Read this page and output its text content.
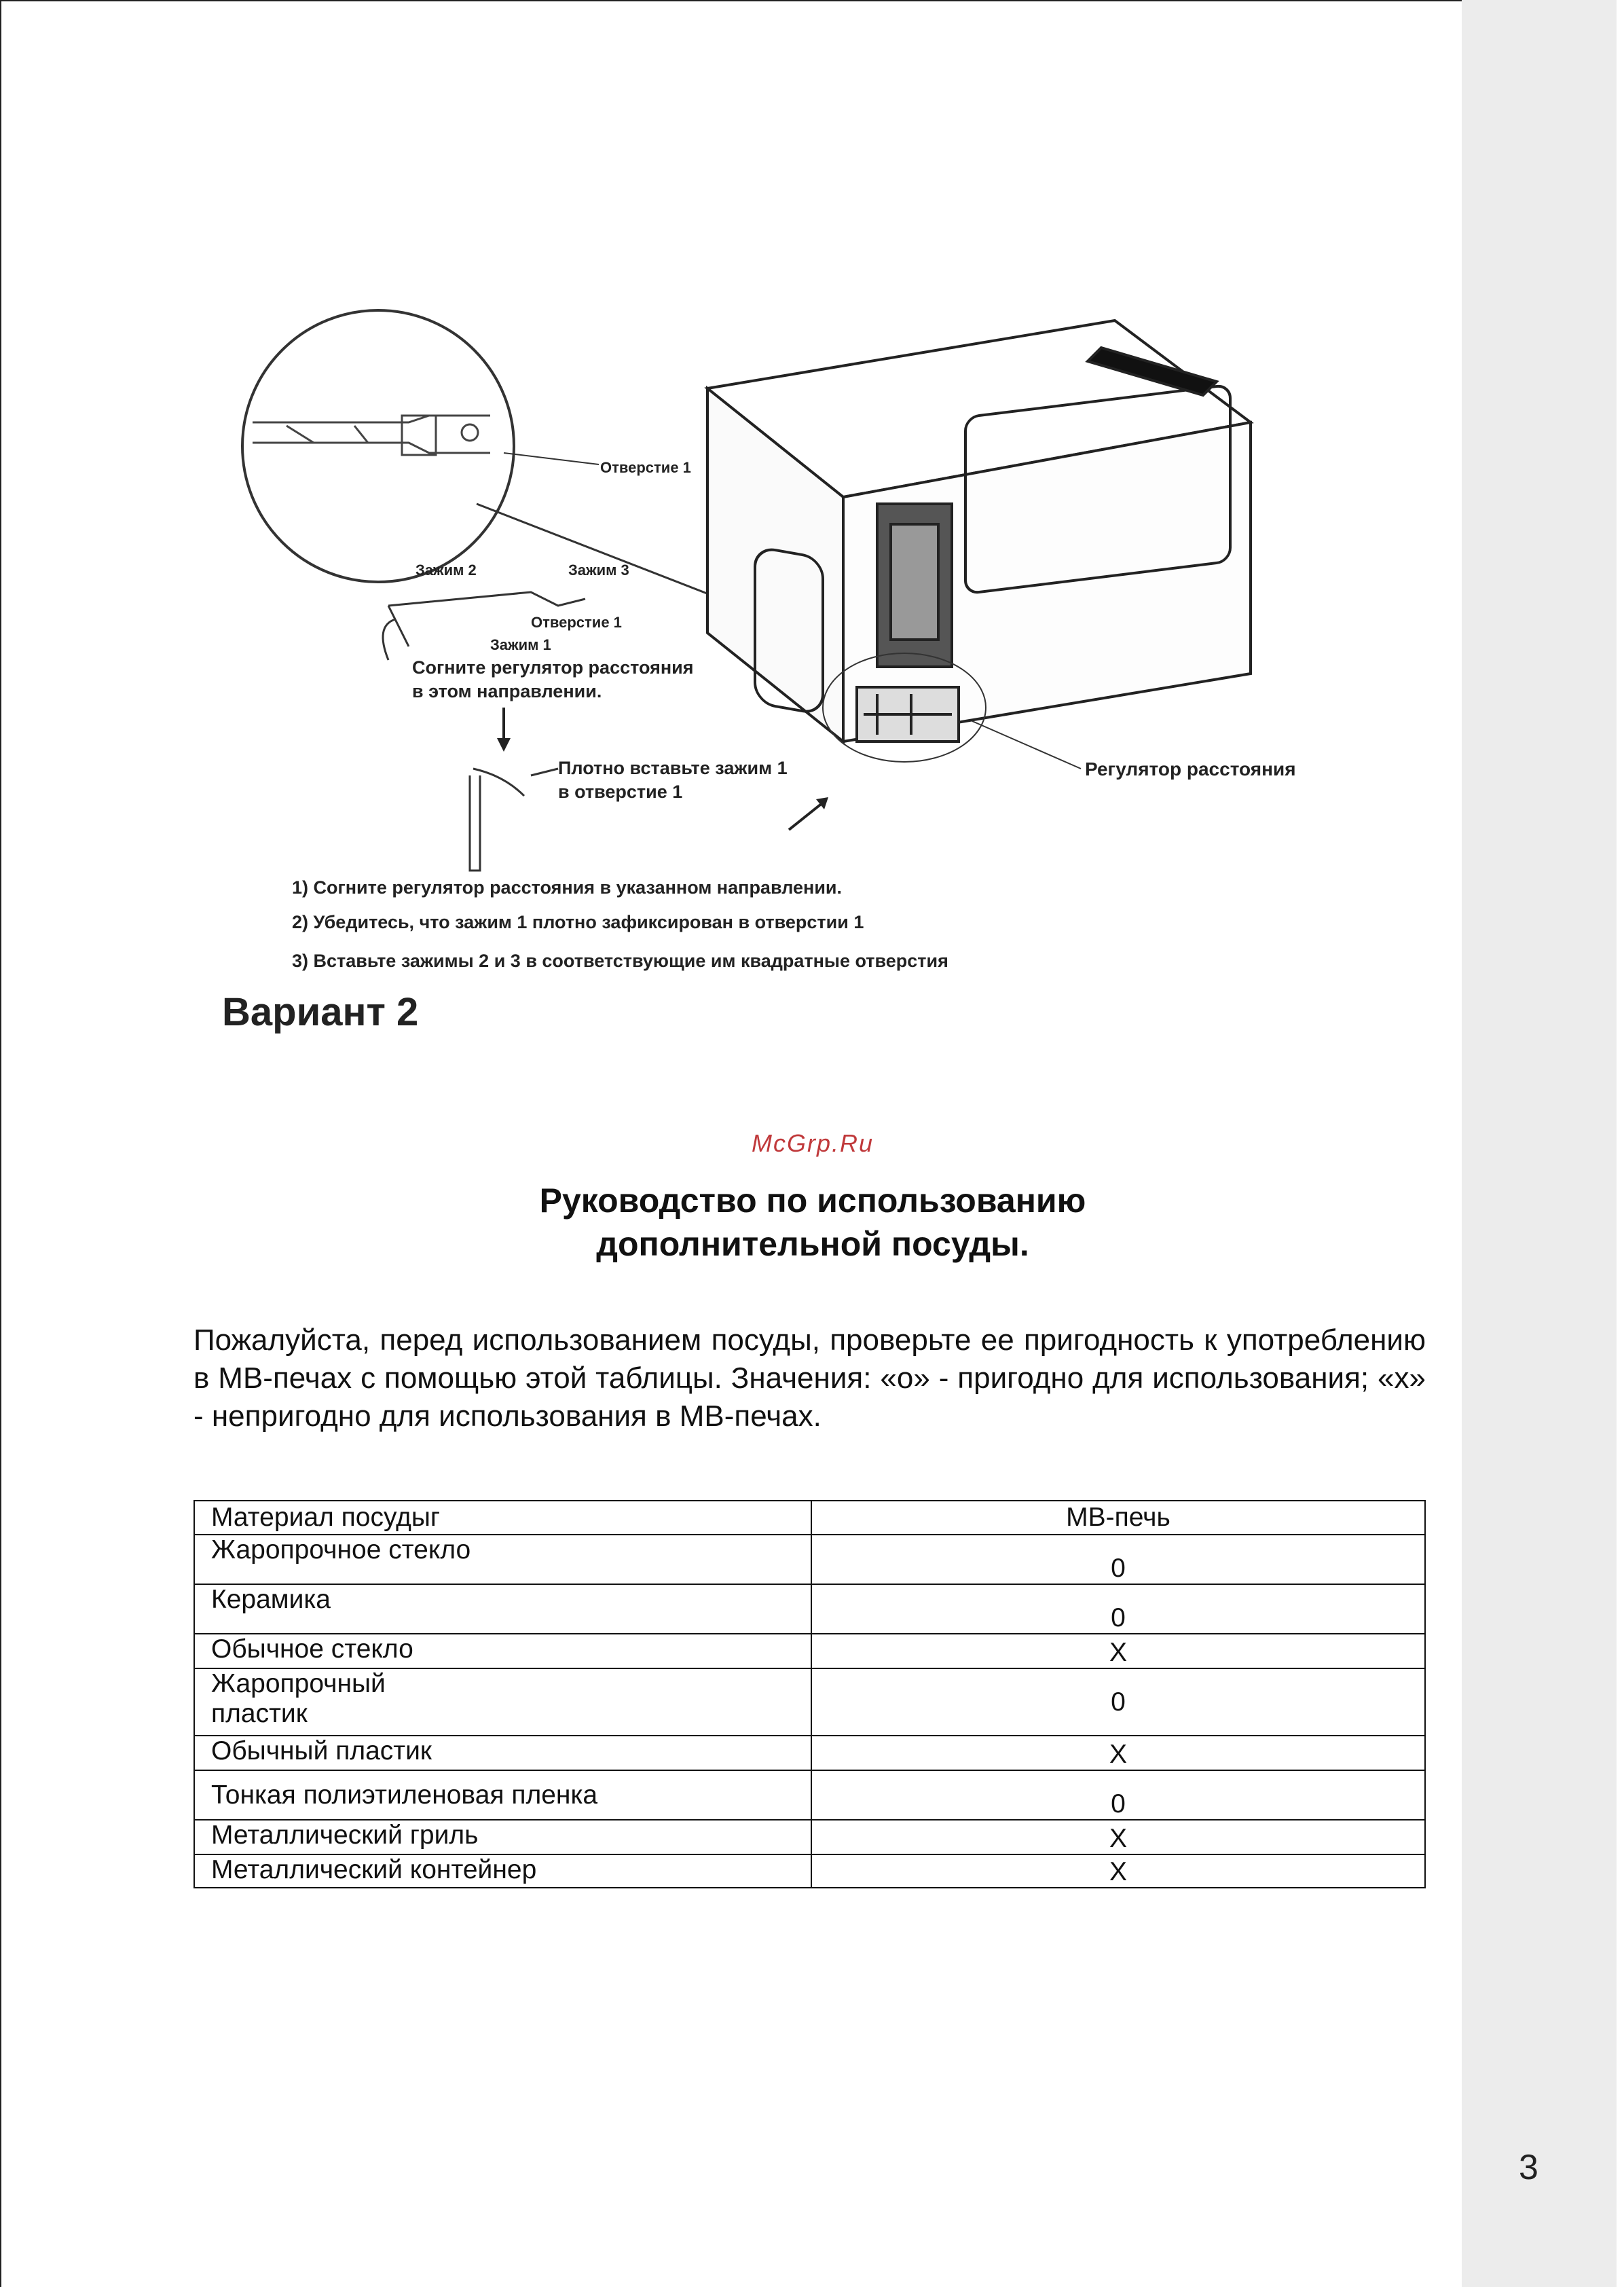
Отверстие 1
Регулятор расстояния
Зажим 2	Зажим 3
Отверстие 1
Зажим 1
Согните регулятор расстояния
в этом направлении.
Плотно вставьте зажим 1
в отверстие 1
1) Согните регулятор расстояния в указанном направлении.
2) Убедитесь, что зажим 1 плотно зафиксирован в отверстии 1
3) Вставьте зажимы 2 и 3 в соответствующие им квадратные отверстия
Вариант 2
McGrp.Ru
Руководство по использованию
дополнительной посуды.
Пожалуйста, перед использованием посуды, проверьте ее пригодность к употреблению в МВ-печах с помощью этой таблицы. Значения: «o» - пригодно для использования; «x» - непригодно для использования в МВ-печах.
Материал посудыг	МВ-печь
Жаропрочное стекло	0
Керамика	0
Обычное стекло	Х
Жаропрочный пластик	0
Обычный пластик	Х
Тонкая полиэтиленовая пленка	0
Металлический гриль	Х
Металлический контейнер	Х
3
